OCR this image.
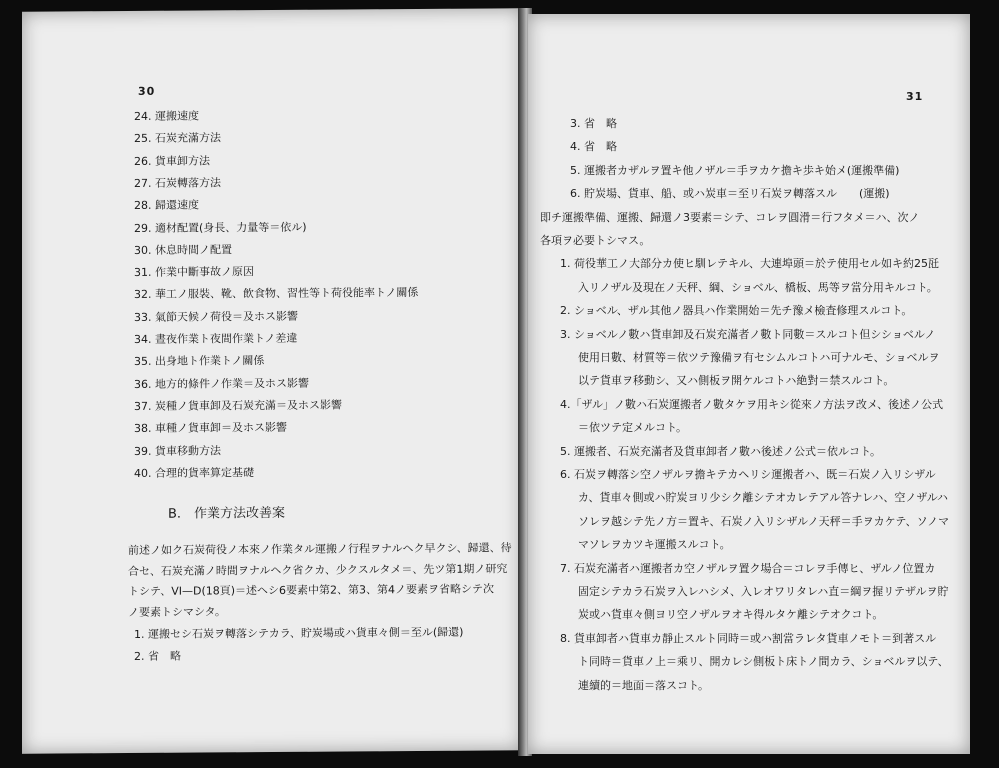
30
24. 運搬速度
25. 石炭充滿方法
26. 貨車卸方法
27. 石炭轉落方法
28. 歸還速度
29. 適材配置(身長、力量等＝依ル)
30. 休息時間ノ配置
31. 作業中斷事故ノ原因
32. 華工ノ服裝、靴、飲食物、習性等ト荷役能率トノ關係
33. 氣節天候ノ荷役＝及ホス影響
34. 晝夜作業ト夜間作業トノ差違
35. 出身地ト作業トノ關係
36. 地方的條件ノ作業＝及ホス影響
37. 炭種ノ貨車卸及石炭充滿＝及ホス影響
38. 車種ノ貨車卸＝及ホス影響
39. 貨車移動方法
40. 合理的貨率算定基礎
B.　作業方法改善案
前述ノ如ク石炭荷役ノ本來ノ作業タル運搬ノ行程ヲナルヘク早クシ、歸還、待
合セ、石炭充滿ノ時間ヲナルヘク省クカ、少クスルタメ＝、先ツ第1期ノ研究
トシテ、VI—D(18頁)＝述ヘシ6要素中第2、第3、第4ノ要素ヲ省略シテ次
ノ要素トシマシタ。
1. 運搬セシ石炭ヲ轉落シテカラ、貯炭場或ハ貨車々側＝至ル(歸還)
2. 省　略
31
3. 省　略
4. 省　略
5. 運搬者カザルヲ置キ他ノザル＝手ヲカケ擔キ歩キ始メ(運搬準備)
6. 貯炭場、貨車、船、或ハ炭車＝至リ石炭ヲ轉落スル　　(運搬)
即チ運搬準備、運搬、歸還ノ3要素＝シテ、コレヲ圓滑＝行フタメ＝ハ、次ノ
各項ヲ必要トシマス。
1. 荷役華工ノ大部分カ使ヒ馴レテキル、大連埠頭＝於テ使用セル如キ約25瓩
入リノザル及現在ノ天秤、綱、ショベル、橋板、馬等ヲ當分用キルコト。
2. ショベル、ザル其他ノ器具ハ作業開始＝先チ豫メ檢査修理スルコト。
3. ショベルノ數ハ貨車卸及石炭充滿者ノ數ト同數＝スルコト但シショベルノ
使用日數、材質等＝依ツテ豫備ヲ有セシムルコトハ可ナルモ、ショベルヲ
以テ貨車ヲ移動シ、又ハ側板ヲ開ケルコトハ絶對＝禁スルコト。
4.「ザル」ノ數ハ石炭運搬者ノ數タケヲ用キシ從來ノ方法ヲ改メ、後述ノ公式
＝依ツテ定メルコト。
5. 運搬者、石炭充滿者及貨車卸者ノ數ハ後述ノ公式＝依ルコト。
6. 石炭ヲ轉落シ空ノザルヲ擔キテカヘリシ運搬者ハ、既＝石炭ノ入リシザル
カ、貨車々側或ハ貯炭ヨリ少シク離シテオカレテアル答ナレハ、空ノザルハ
ソレヲ越シテ先ノ方＝置キ、石炭ノ入リシザルノ天秤＝手ヲカケテ、ソノマ
マソレヲカツキ運搬スルコト。
7. 石炭充滿者ハ運搬者カ空ノザルヲ置ク場合＝コレヲ手傳ヒ、ザルノ位置カ
固定シテカラ石炭ヲ入レハシメ、入レオワリタレハ直＝綱ヲ握リテザルヲ貯
炭或ハ貨車々側ヨリ空ノザルヲオキ得ルタケ離シテオクコト。
8. 貨車卸者ハ貨車カ靜止スルト同時＝或ハ割當ラレタ貨車ノモト＝到著スル
ト同時＝貨車ノ上＝乘リ、開カレシ側板ト床トノ間カラ、ショベルヲ以テ、
連續的＝地面＝落スコト。
